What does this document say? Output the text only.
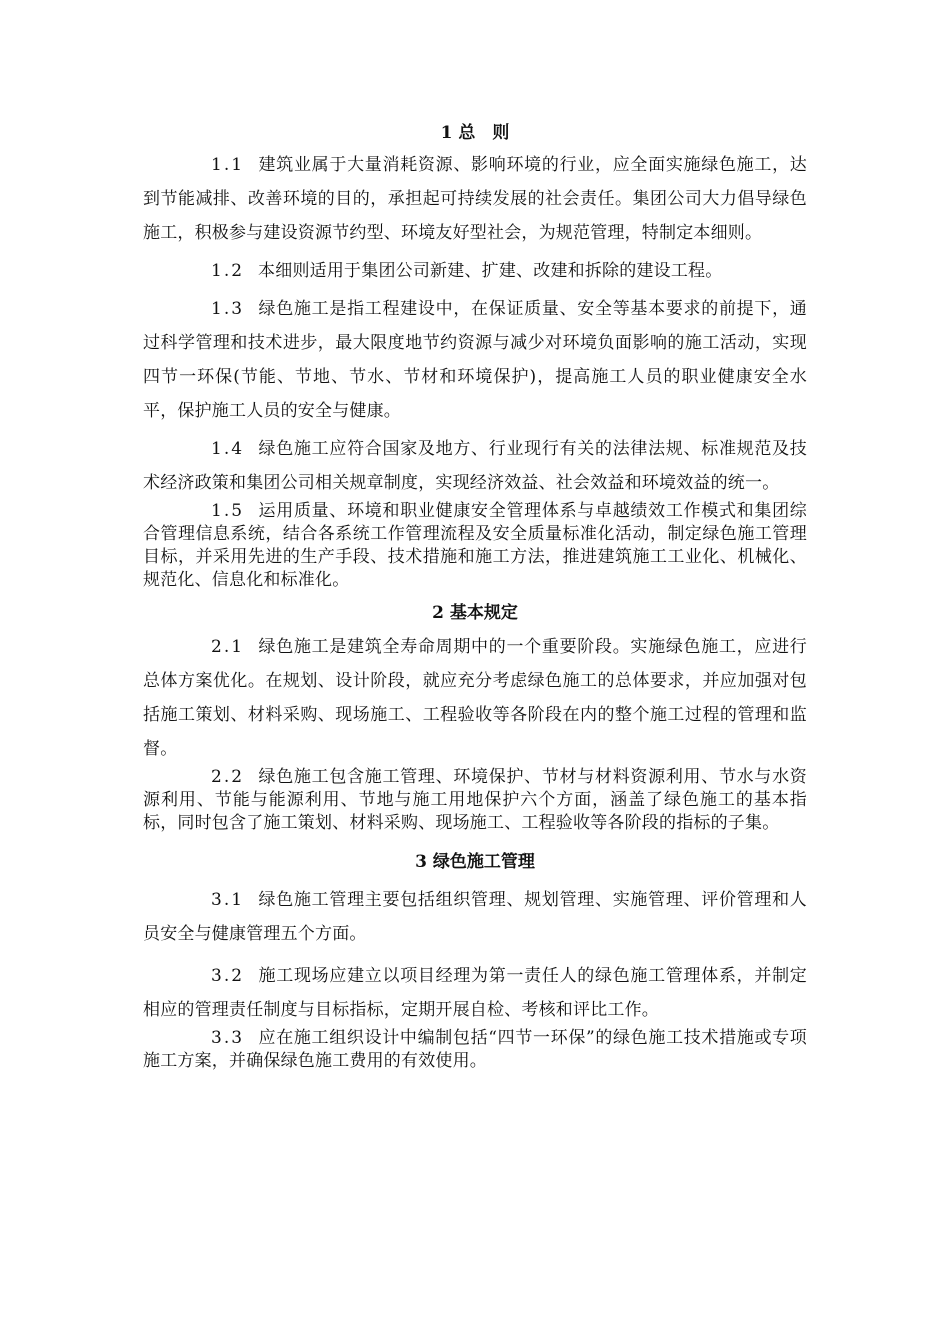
1 总　则

1.1 建筑业属于大量消耗资源、影响环境的行业，应全面实施绿色施工，达到节能减排、改善环境的目的，承担起可持续发展的社会责任。集团公司大力倡导绿色施工，积极参与建设资源节约型、环境友好型社会，为规范管理，特制定本细则。

1.2 本细则适用于集团公司新建、扩建、改建和拆除的建设工程。

1.3 绿色施工是指工程建设中，在保证质量、安全等基本要求的前提下，通过科学管理和技术进步，最大限度地节约资源与减少对环境负面影响的施工活动，实现四节一环保(节能、节地、节水、节材和环境保护)，提高施工人员的职业健康安全水平，保护施工人员的安全与健康。

1.4 绿色施工应符合国家及地方、行业现行有关的法律法规、标准规范及技术经济政策和集团公司相关规章制度，实现经济效益、社会效益和环境效益的统一。

1.5 运用质量、环境和职业健康安全管理体系与卓越绩效工作模式和集团综合管理信息系统，结合各系统工作管理流程及安全质量标准化活动，制定绿色施工管理目标，并采用先进的生产手段、技术措施和施工方法，推进建筑施工工业化、机械化、规范化、信息化和标准化。

2 基本规定

2.1 绿色施工是建筑全寿命周期中的一个重要阶段。实施绿色施工，应进行总体方案优化。在规划、设计阶段，就应充分考虑绿色施工的总体要求，并应加强对包括施工策划、材料采购、现场施工、工程验收等各阶段在内的整个施工过程的管理和监督。

2.2 绿色施工包含施工管理、环境保护、节材与材料资源利用、节水与水资源利用、节能与能源利用、节地与施工用地保护六个方面，涵盖了绿色施工的基本指标，同时包含了施工策划、材料采购、现场施工、工程验收等各阶段的指标的子集。

3 绿色施工管理

3.1 绿色施工管理主要包括组织管理、规划管理、实施管理、评价管理和人员安全与健康管理五个方面。

3.2 施工现场应建立以项目经理为第一责任人的绿色施工管理体系，并制定相应的管理责任制度与目标指标，定期开展自检、考核和评比工作。

3.3 应在施工组织设计中编制包括“四节一环保”的绿色施工技术措施或专项施工方案，并确保绿色施工费用的有效使用。
